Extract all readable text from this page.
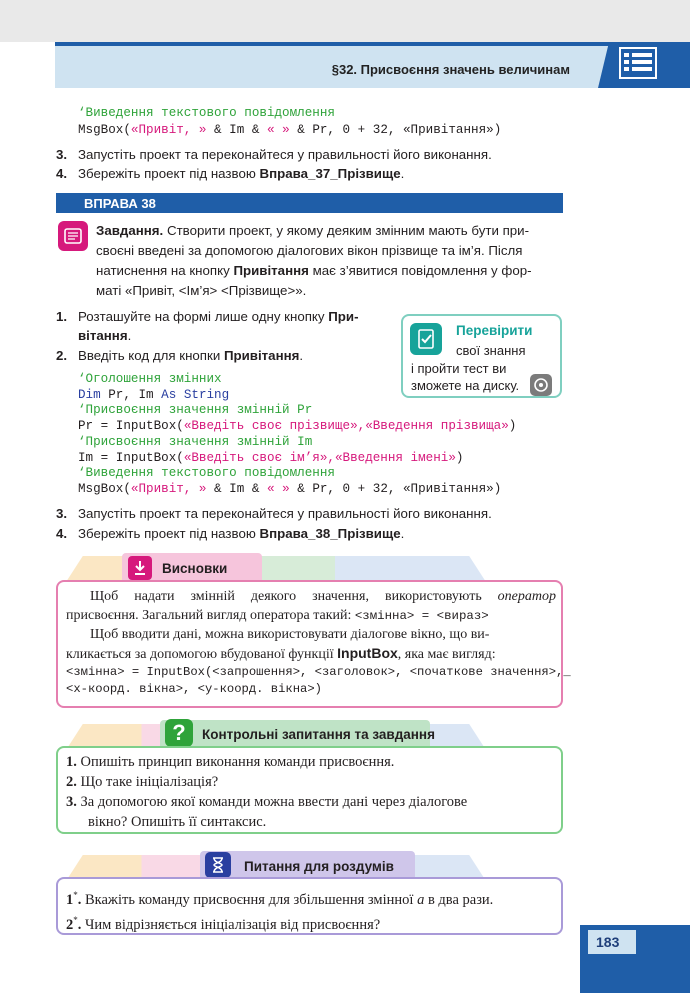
§32. Присвоєння значень величинам
‘Виведення текстового повідомлення
MsgBox(«Привіт, » & Im & « » & Pr, 0 + 32, «Привітання»)
3. Запустіть проект та переконайтеся у правильності його виконання.
4. Збережіть проект під назвою Вправа_37_Прізвище.
ВПРАВА 38
Завдання. Створити проект, у якому деяким змінним мають бути при-
своєні введені за допомогою діалогових вікон прізвище та ім’я. Після
натиснення на кнопку Привітання має з’явитися повідомлення у фор-
маті «Привіт, <Ім’я> <Прізвище>».
1. Розташуйте на формі лише одну кнопку При-
вітання.
2. Введіть код для кнопки Привітання.
Перевірити
свої знання
і пройти тест ви
зможете на диску.
‘Оголошення змінних
Dim Pr, Im As String
‘Присвоєння значення змінній Pr
Pr = InputBox(«Введіть своє прізвище»,«Введення прізвища»)
‘Присвоєння значення змінній Im
Im = InputBox(«Введіть своє ім’я»,«Введення імені»)
‘Виведення текстового повідомлення
MsgBox(«Привіт, » & Im & « » & Pr, 0 + 32, «Привітання»)
3. Запустіть проект та переконайтеся у правильності його виконання.
4. Збережіть проект під назвою Вправа_38_Прізвище.
Висновки
Щоб надати змінній деякого значення, використовують оператор
присвоєння. Загальний вигляд оператора такий: <змінна> = <вираз>
Щоб вводити дані, можна використовувати діалогове вікно, що ви-
кликається за допомогою вбудованої функції InputBox, яка має вигляд:
<змінна> = InputBox(<запрошення>, <заголовок>, <початкове значення>,_
<x-коорд. вікна>, <y-коорд. вікна>)
?	Контрольні запитання та завдання
1. Опишіть принцип виконання команди присвоєння.
2. Що таке ініціалізація?
3. За допомогою якої команди можна ввести дані через діалогове
вікно? Опишіть її синтаксис.
Питання для роздумів
1*. Вкажіть команду присвоєння для збільшення змінної a в два рази.
2*. Чим відрізняється ініціалізація від присвоєння?
183
